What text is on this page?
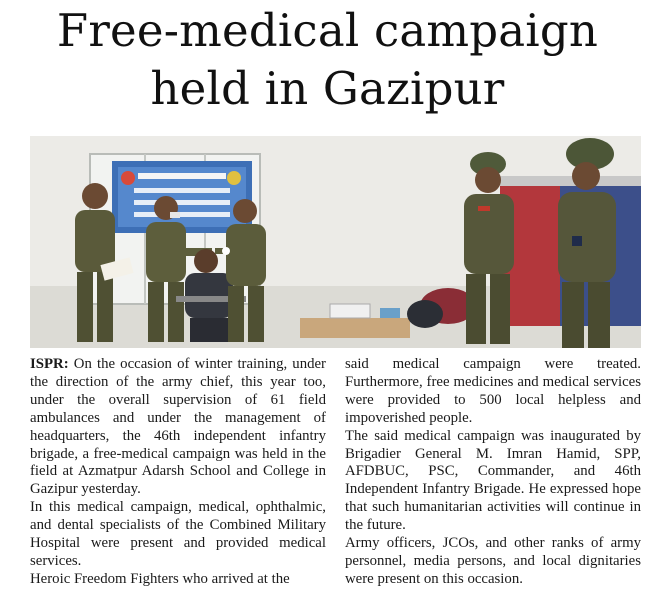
Free-medical campaign
held in Gazipur

ISPR: On the occasion of winter training, under the direction of the army chief, this year too, under the overall supervision of 61 field ambulances and under the management of headquarters, the 46th independent infantry brigade, a free-medical campaign was held in the field at Azmatpur Adarsh School and College in Gazipur yesterday.

In this medical campaign, medical, ophthalmic, and dental specialists of the Combined Military Hospital were present and provided medical services.

Heroic Freedom Fighters who arrived at the

said medical campaign were treated. Furthermore, free medicines and medical services were provided to 500 local helpless and impoverished people.

The said medical campaign was inaugurated by Brigadier General M. Imran Hamid, SPP, AFDBUC, PSC, Commander, and 46th Independent Infantry Brigade. He expressed hope that such humanitarian activities will continue in the future.

Army officers, JCOs, and other ranks of army personnel, media persons, and local dignitaries were present on this occasion.
